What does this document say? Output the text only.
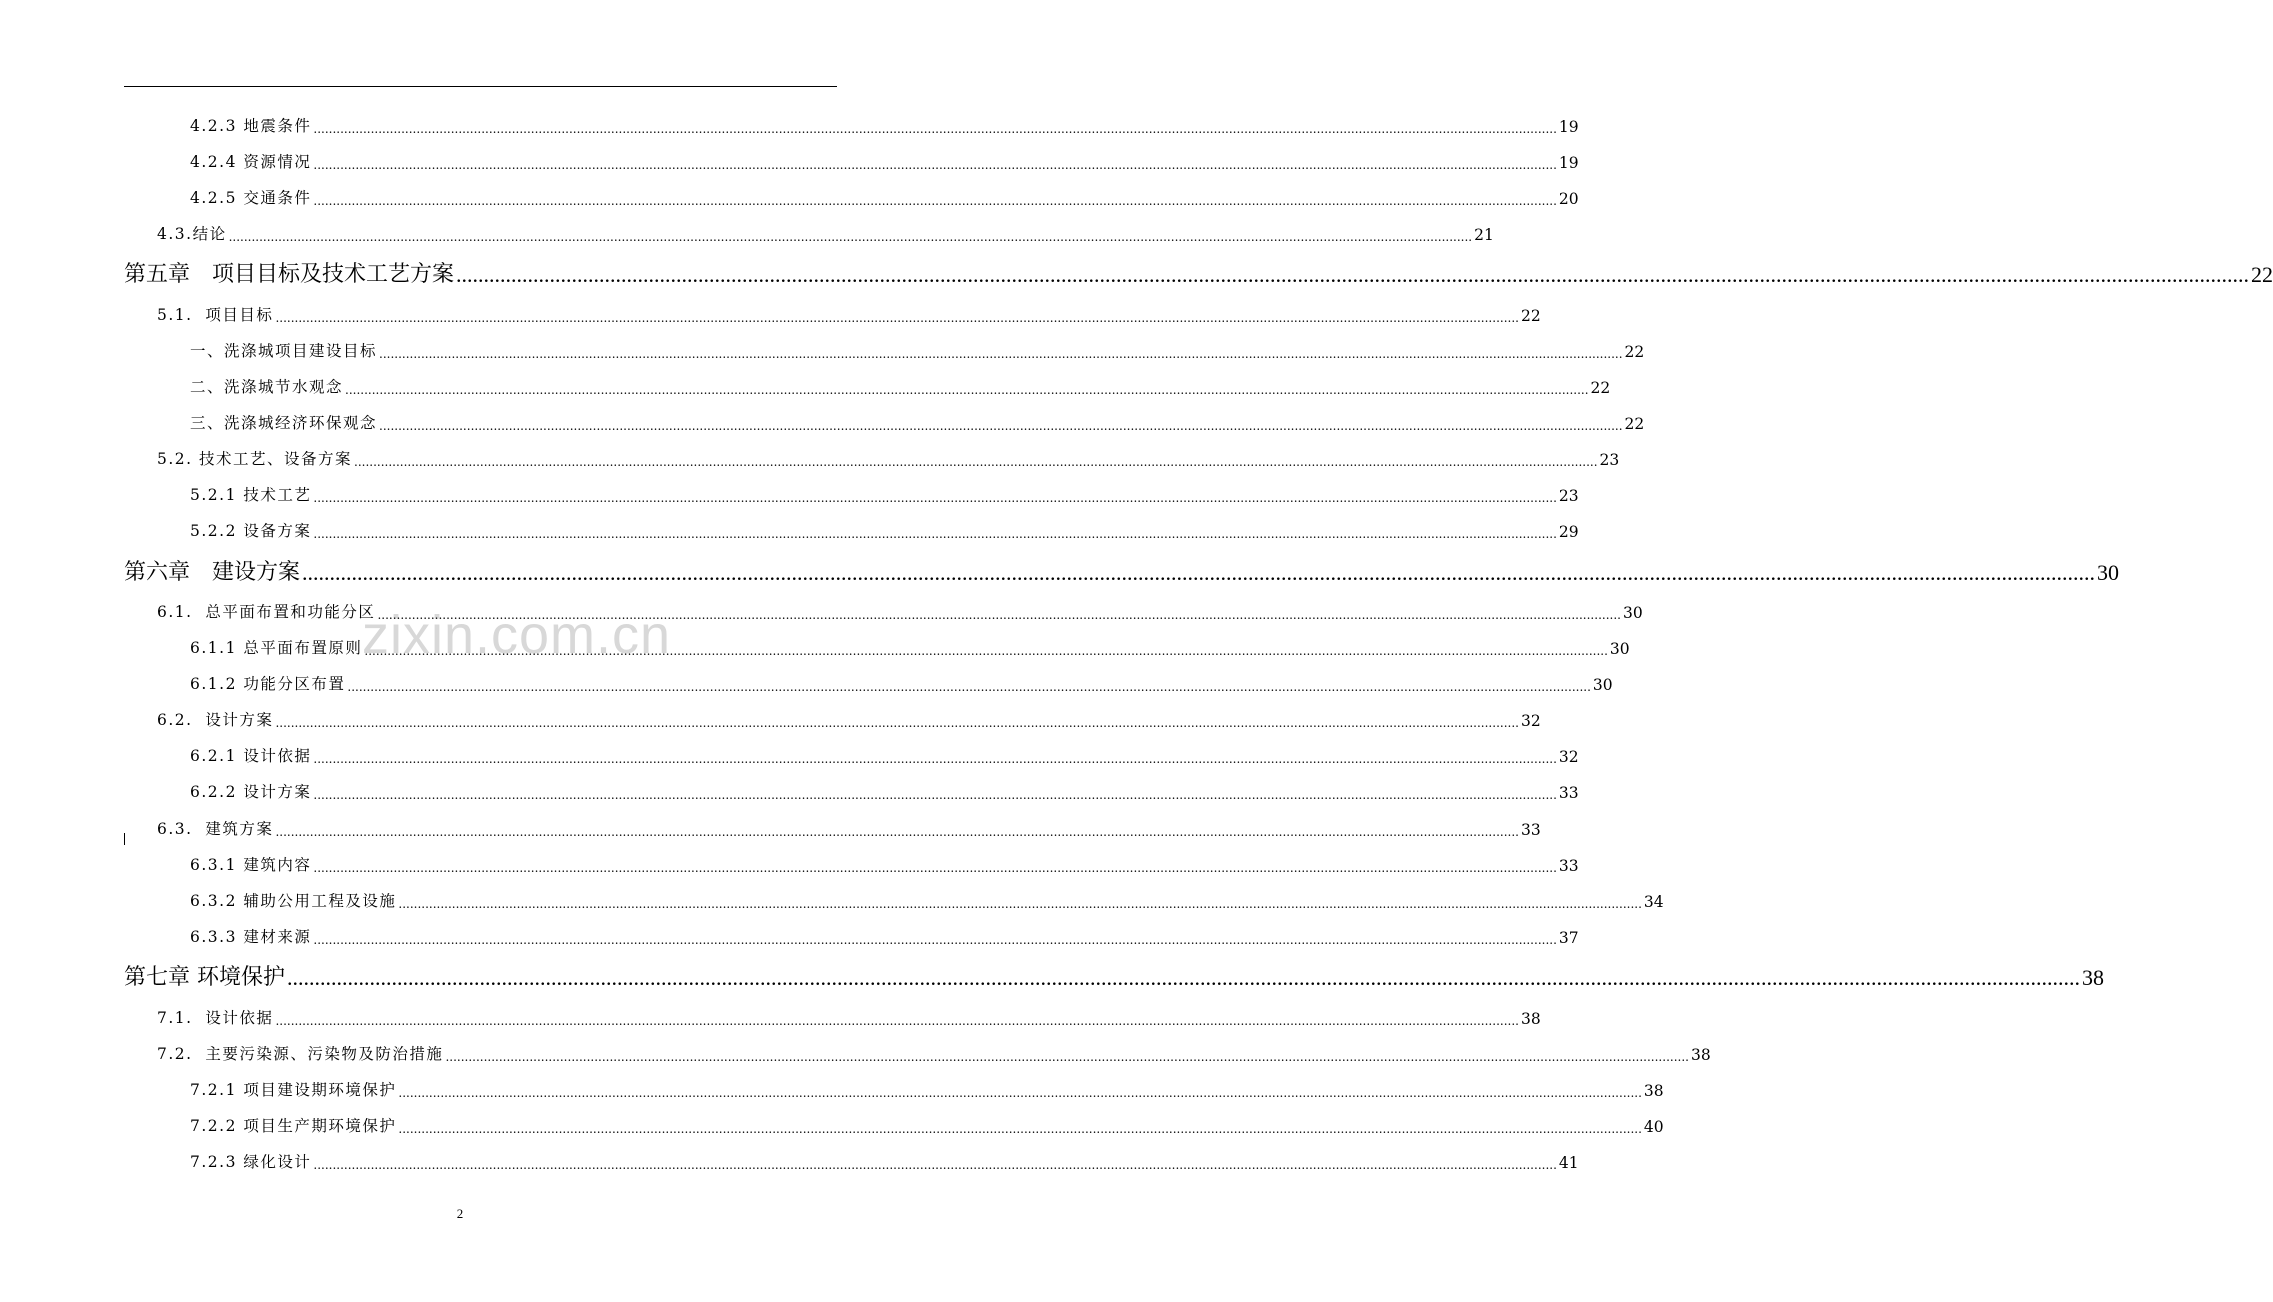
zixin.com.cn
4.2.3 地震条件 ...................................................................................................................................................................................................................................................................................................................................... 19
4.2.4 资源情况 ...................................................................................................................................................................................................................................................................................................................................... 19
4.2.5 交通条件 ...................................................................................................................................................................................................................................................................................................................................... 20
4.3.结论 ...................................................................................................................................................................................................................................................................................................................................... 21
第五章　项目目标及技术工艺方案 ...................................................................................................................................................................................................................................................................................................................................... 22
5.1.  项目目标 ...................................................................................................................................................................................................................................................................................................................................... 22
一、洗涤城项目建设目标 ...................................................................................................................................................................................................................................................................................................................................... 22
二、洗涤城节水观念 ...................................................................................................................................................................................................................................................................................................................................... 22
三、洗涤城经济环保观念 ...................................................................................................................................................................................................................................................................................................................................... 22
5.2. 技术工艺、设备方案 ...................................................................................................................................................................................................................................................................................................................................... 23
5.2.1 技术工艺 ...................................................................................................................................................................................................................................................................................................................................... 23
5.2.2 设备方案 ...................................................................................................................................................................................................................................................................................................................................... 29
第六章　建设方案 ...................................................................................................................................................................................................................................................................................................................................... 30
6.1.  总平面布置和功能分区 ...................................................................................................................................................................................................................................................................................................................................... 30
6.1.1 总平面布置原则 ...................................................................................................................................................................................................................................................................................................................................... 30
6.1.2 功能分区布置 ...................................................................................................................................................................................................................................................................................................................................... 30
6.2.  设计方案 ...................................................................................................................................................................................................................................................................................................................................... 32
6.2.1 设计依据 ...................................................................................................................................................................................................................................................................................................................................... 32
6.2.2 设计方案 ...................................................................................................................................................................................................................................................................................................................................... 33
6.3.  建筑方案 ...................................................................................................................................................................................................................................................................................................................................... 33
6.3.1 建筑内容 ...................................................................................................................................................................................................................................................................................................................................... 33
6.3.2 辅助公用工程及设施 ...................................................................................................................................................................................................................................................................................................................................... 34
6.3.3 建材来源 ...................................................................................................................................................................................................................................................................................................................................... 37
第七章 环境保护 ...................................................................................................................................................................................................................................................................................................................................... 38
7.1.  设计依据 ...................................................................................................................................................................................................................................................................................................................................... 38
7.2.  主要污染源、污染物及防治措施 ...................................................................................................................................................................................................................................................................................................................................... 38
7.2.1 项目建设期环境保护 ...................................................................................................................................................................................................................................................................................................................................... 38
7.2.2 项目生产期环境保护 ...................................................................................................................................................................................................................................................................................................................................... 40
7.2.3 绿化设计 ...................................................................................................................................................................................................................................................................................................................................... 41
2
